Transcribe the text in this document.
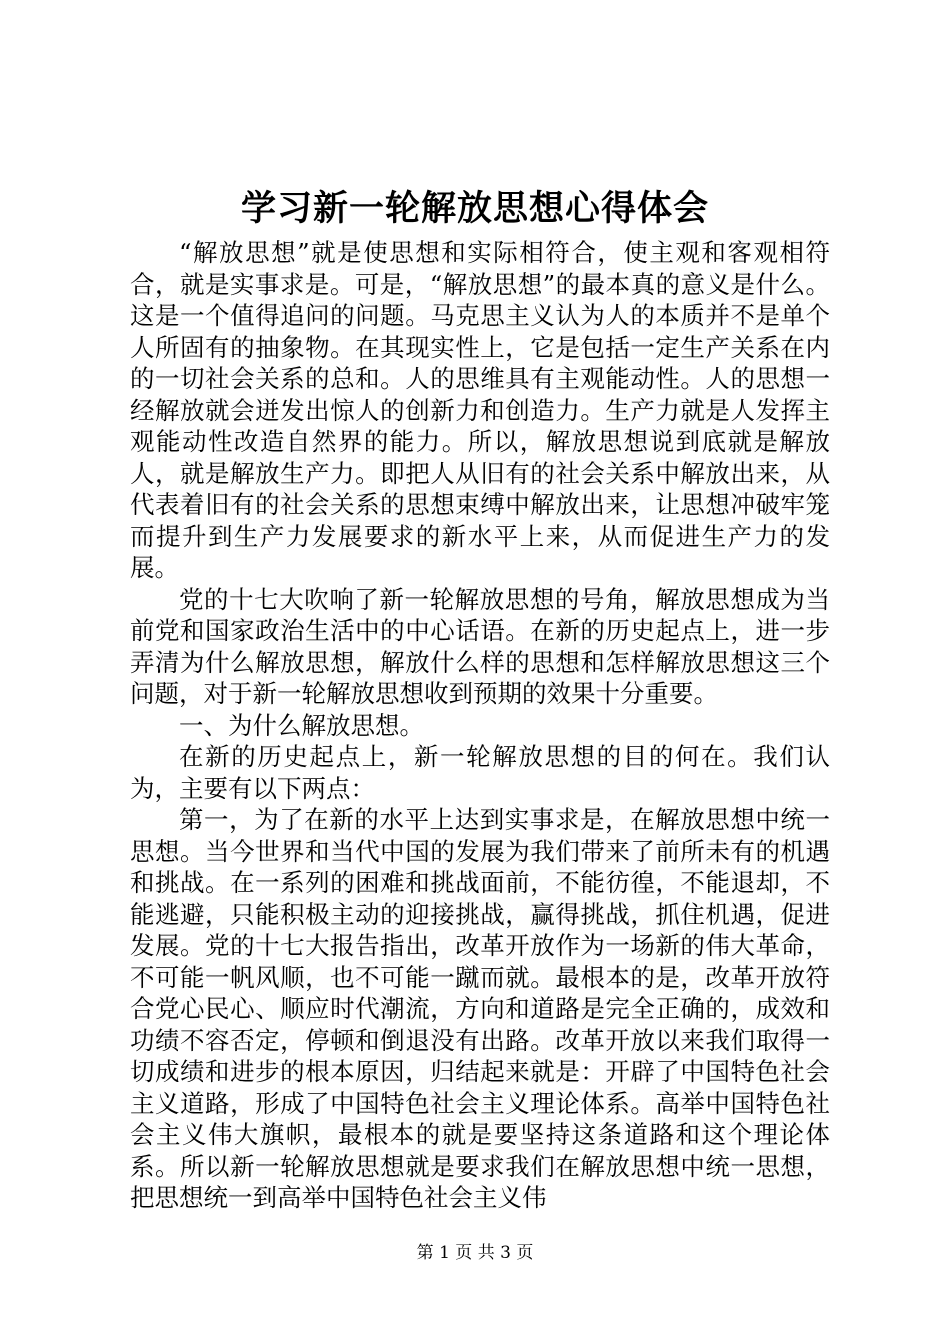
学习新一轮解放思想心得体会

“解放思想”就是使思想和实际相符合，使主观和客观相符合，就是实事求是。可是，“解放思想”的最本真的意义是什么。这是一个值得追问的问题。马克思主义认为人的本质并不是单个人所固有的抽象物。在其现实性上，它是包括一定生产关系在内的一切社会关系的总和。人的思维具有主观能动性。人的思想一经解放就会迸发出惊人的创新力和创造力。生产力就是人发挥主观能动性改造自然界的能力。所以，解放思想说到底就是解放人，就是解放生产力。即把人从旧有的社会关系中解放出来，从代表着旧有的社会关系的思想束缚中解放出来，让思想冲破牢笼而提升到生产力发展要求的新水平上来，从而促进生产力的发展。

党的十七大吹响了新一轮解放思想的号角，解放思想成为当前党和国家政治生活中的中心话语。在新的历史起点上，进一步弄清为什么解放思想，解放什么样的思想和怎样解放思想这三个问题，对于新一轮解放思想收到预期的效果十分重要。

一、为什么解放思想。

在新的历史起点上，新一轮解放思想的目的何在。我们认为，主要有以下两点：

第一，为了在新的水平上达到实事求是，在解放思想中统一思想。当今世界和当代中国的发展为我们带来了前所未有的机遇和挑战。在一系列的困难和挑战面前，不能彷徨，不能退却，不能逃避，只能积极主动的迎接挑战，赢得挑战，抓住机遇，促进发展。党的十七大报告指出，改革开放作为一场新的伟大革命，不可能一帆风顺，也不可能一蹴而就。最根本的是，改革开放符合党心民心、顺应时代潮流，方向和道路是完全正确的，成效和功绩不容否定，停顿和倒退没有出路。改革开放以来我们取得一切成绩和进步的根本原因，归结起来就是：开辟了中国特色社会主义道路，形成了中国特色社会主义理论体系。高举中国特色社会主义伟大旗帜，最根本的就是要坚持这条道路和这个理论体系。所以新一轮解放思想就是要求我们在解放思想中统一思想，把思想统一到高举中国特色社会主义伟

第 1 页 共 3 页
